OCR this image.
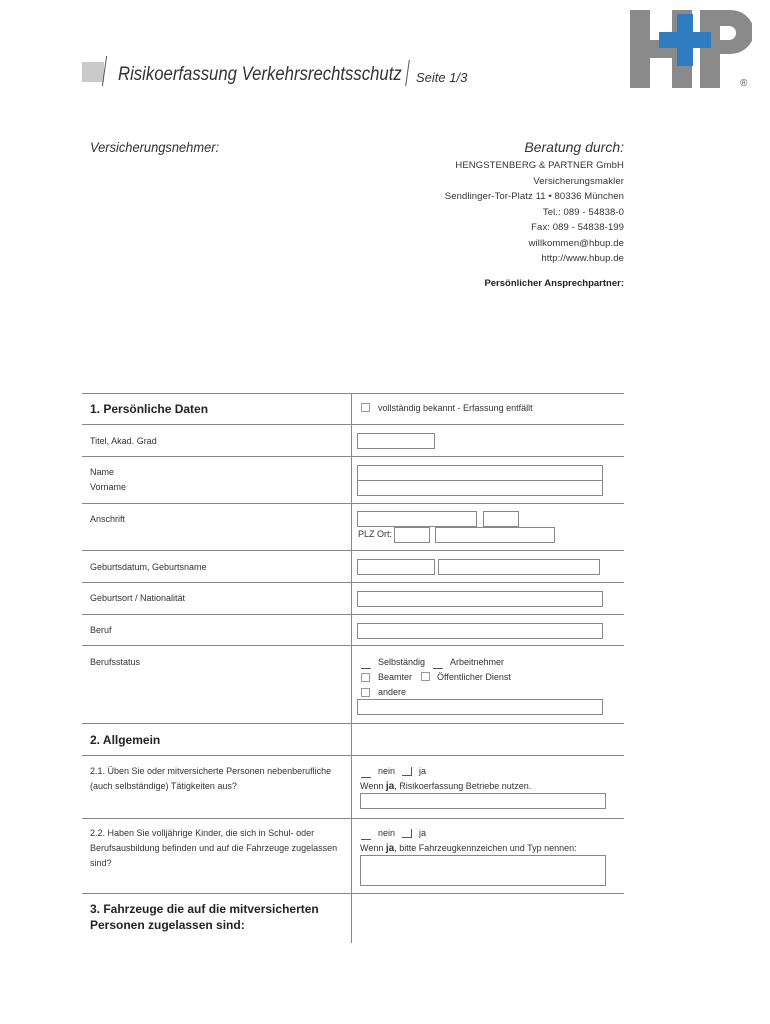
Risikoerfassung Verkehrsrechtsschutz Seite 1/3	®
Versicherungsnehmer:	Beratung durch:
HENGSTENBERG & PARTNER GmbH
Versicherungsmakler
Sendlinger-Tor-Platz 11 • 80336 München
Tel.: 089 - 54838-0
Fax: 089 - 54838-199
willkommen@hbup.de
http://www.hbup.de
Persönlicher Ansprechpartner:
1. Persönliche Daten	vollständig bekannt - Erfassung entfällt
Titel, Akad. Grad
Name
Vorname
Anschrift
PLZ Ort:
Geburtsdatum, Geburtsname
Geburtsort / Nationalität
Beruf
Berufsstatus	Selbständig	Arbeitnehmer
Beamter	Öffentlicher Dienst
andere
2. Allgemein
2.1. Üben Sie oder mitversicherte Personen nebenberufliche
(auch selbständige) Tätigkeiten aus?
nein	ja
Wenn ja, Risikoerfassung Betriebe nutzen.
2.2. Haben Sie volljährige Kinder, die sich in Schul- oder
Berufsausbildung befinden und auf die Fahrzeuge zugelassen
sind?
nein	ja
Wenn ja, bitte Fahrzeugkennzeichen und Typ nennen:
3. Fahrzeuge die auf die mitversicherten
Personen zugelassen sind:
